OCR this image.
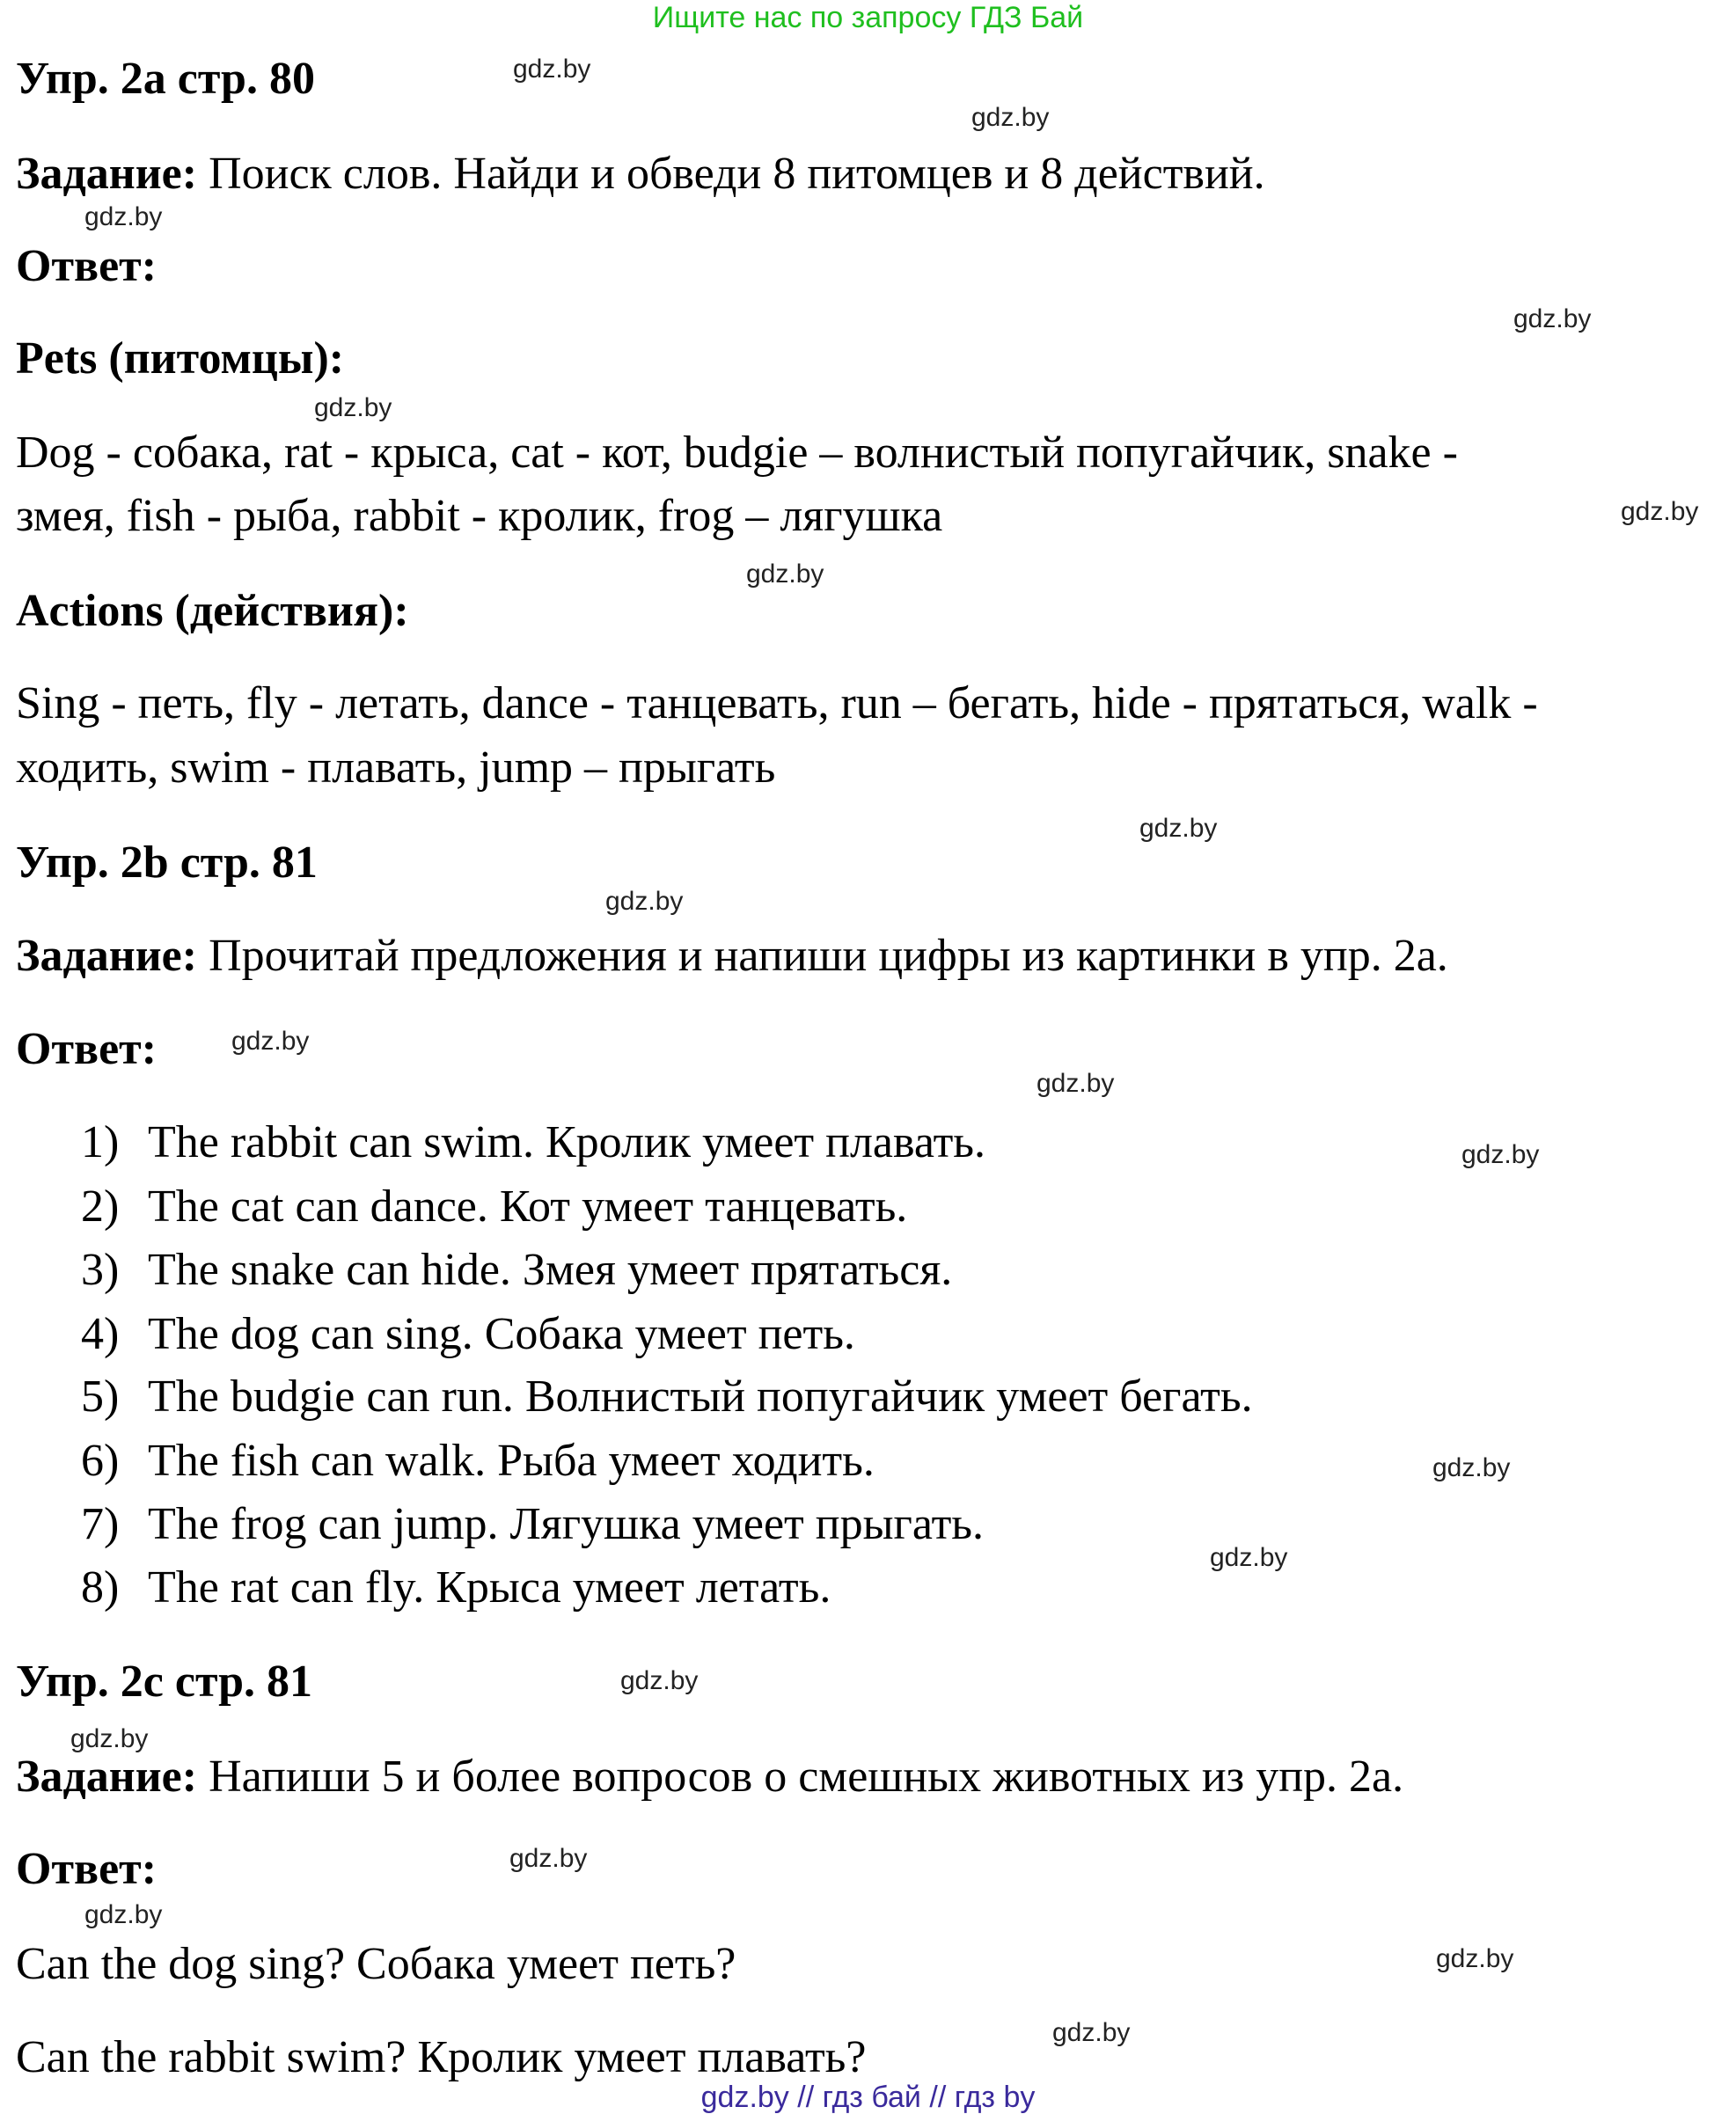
Ищите нас по запросу ГДЗ Бай
Упр. 2a стр. 80
Задание: Поиск слов. Найди и обведи 8 питомцев и 8 действий.
Ответ:
Pets (питомцы):
Dog - собака, rat - крыса, cat - кот, budgie – волнистый попугайчик, snake -
змея, fish - рыба, rabbit - кролик, frog – лягушка
Actions (действия):
Sing - петь, fly - летать, dance - танцевать, run – бегать, hide - прятаться, walk -
ходить, swim - плавать, jump – прыгать
Упр. 2b стр. 81
Задание: Прочитай предложения и напиши цифры из картинки в упр. 2a.
Ответ:
1) The rabbit can swim. Кролик умеет плавать.
2) The cat can dance. Кот умеет танцевать.
3) The snake can hide. Змея умеет прятаться.
4) The dog can sing. Собака умеет петь.
5) The budgie can run. Волнистый попугайчик умеет бегать.
6) The fish can walk. Рыба умеет ходить.
7) The frog can jump. Лягушка умеет прыгать.
8) The rat can fly. Крыса умеет летать.
Упр. 2c стр. 81
Задание: Напиши 5 и более вопросов о смешных животных из упр. 2a.
Ответ:
Can the dog sing? Собака умеет петь?
Can the rabbit swim? Кролик умеет плавать?
gdz.by
gdz.by
gdz.by
gdz.by
gdz.by
gdz.by
gdz.by
gdz.by
gdz.by
gdz.by
gdz.by
gdz.by
gdz.by
gdz.by
gdz.by
gdz.by
gdz.by
gdz.by
gdz.by
gdz.by
gdz.by // гдз бай // гдз by
